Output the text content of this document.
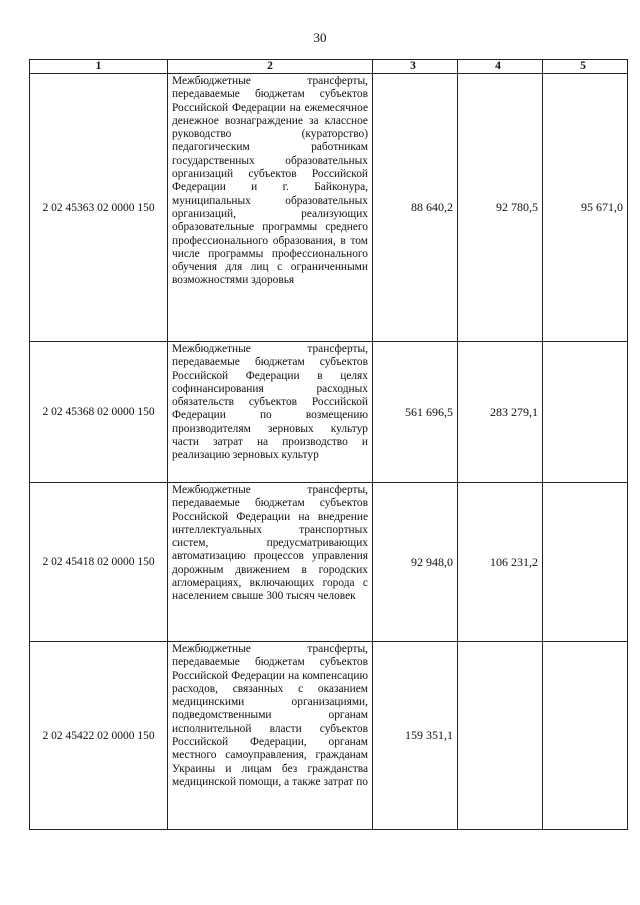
30
1	2	3	4	5
2 02 45363 02 0000 150	Межбюджетные трансферты, передаваемые бюджетам субъектов Российской Федерации на ежемесячное денежное вознаграждение за классное руководство (кураторство) педагогическим работникам государственных образовательных организаций субъектов Российской Федерации и г. Байконура, муниципальных образовательных организаций, реализующих образовательные программы среднего профессионального образования, в том числе программы профессионального обучения для лиц с ограниченными возможностями здоровья	88 640,2	92 780,5	95 671,0
2 02 45368 02 0000 150	Межбюджетные трансферты, передаваемые бюджетам субъектов Российской Федерации в целях софинансирования расходных обязательств субъектов Российской Федерации по возмещению производителям зерновых культур части затрат на производство и реализацию зерновых культур	561 696,5	283 279,1	
2 02 45418 02 0000 150	Межбюджетные трансферты, передаваемые бюджетам субъектов Российской Федерации на внедрение интеллектуальных транспортных систем, предусматривающих автоматизацию процессов управления дорожным движением в городских агломерациях, включающих города с населением свыше 300 тысяч человек	92 948,0	106 231,2	
2 02 45422 02 0000 150	Межбюджетные трансферты, передаваемые бюджетам субъектов Российской Федерации на компенсацию расходов, связанных с оказанием медицинскими организациями, подведомственными органам исполнительной власти субъектов Российской Федерации, органам местного самоуправления, гражданам Украины и лицам без гражданства медицинской помощи, а также затрат по	159 351,1		
